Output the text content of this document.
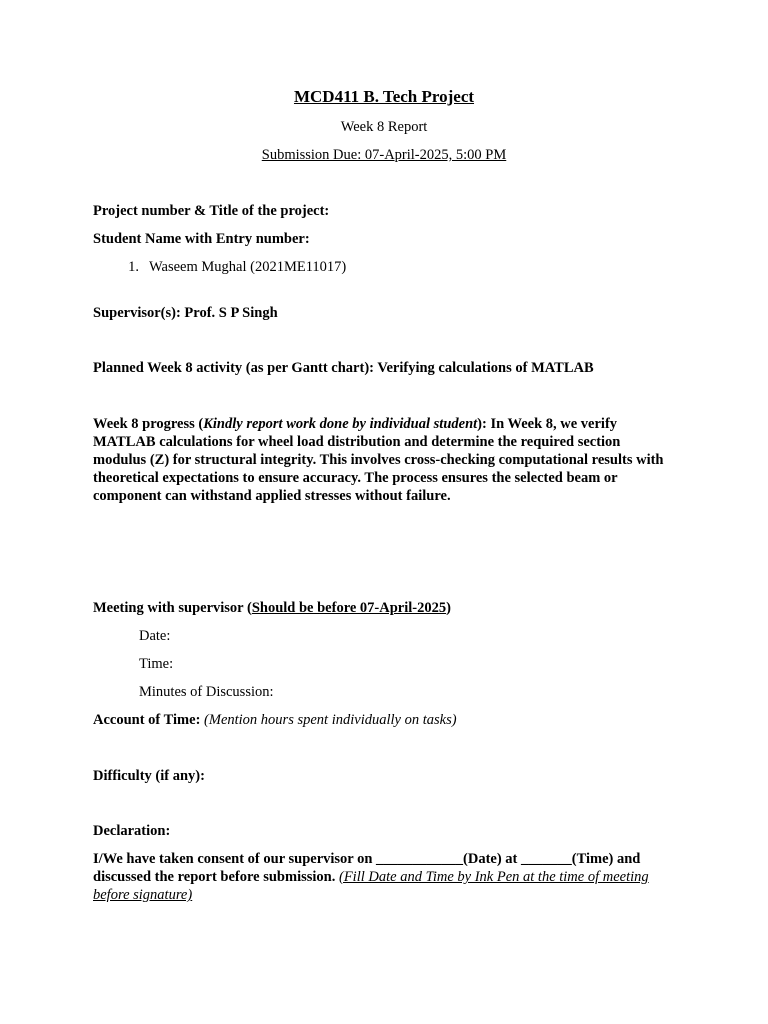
MCD411 B. Tech Project
Week 8 Report
Submission Due: 07-April-2025, 5:00 PM
Project number & Title of the project:
Student Name with Entry number:
1. Waseem Mughal (2021ME11017)
Supervisor(s): Prof. S P Singh
Planned Week 8 activity (as per Gantt chart): Verifying calculations of MATLAB
Week 8 progress (Kindly report work done by individual student): In Week 8, we verify MATLAB calculations for wheel load distribution and determine the required section modulus (Z) for structural integrity. This involves cross-checking computational results with theoretical expectations to ensure accuracy. The process ensures the selected beam or component can withstand applied stresses without failure.
Meeting with supervisor (Should be before 07-April-2025)
Date:
Time:
Minutes of Discussion:
Account of Time: (Mention hours spent individually on tasks)
Difficulty (if any):
Declaration:
I/We have taken consent of our supervisor on ____________(Date) at _______(Time) and discussed the report before submission. (Fill Date and Time by Ink Pen at the time of meeting before signature)
